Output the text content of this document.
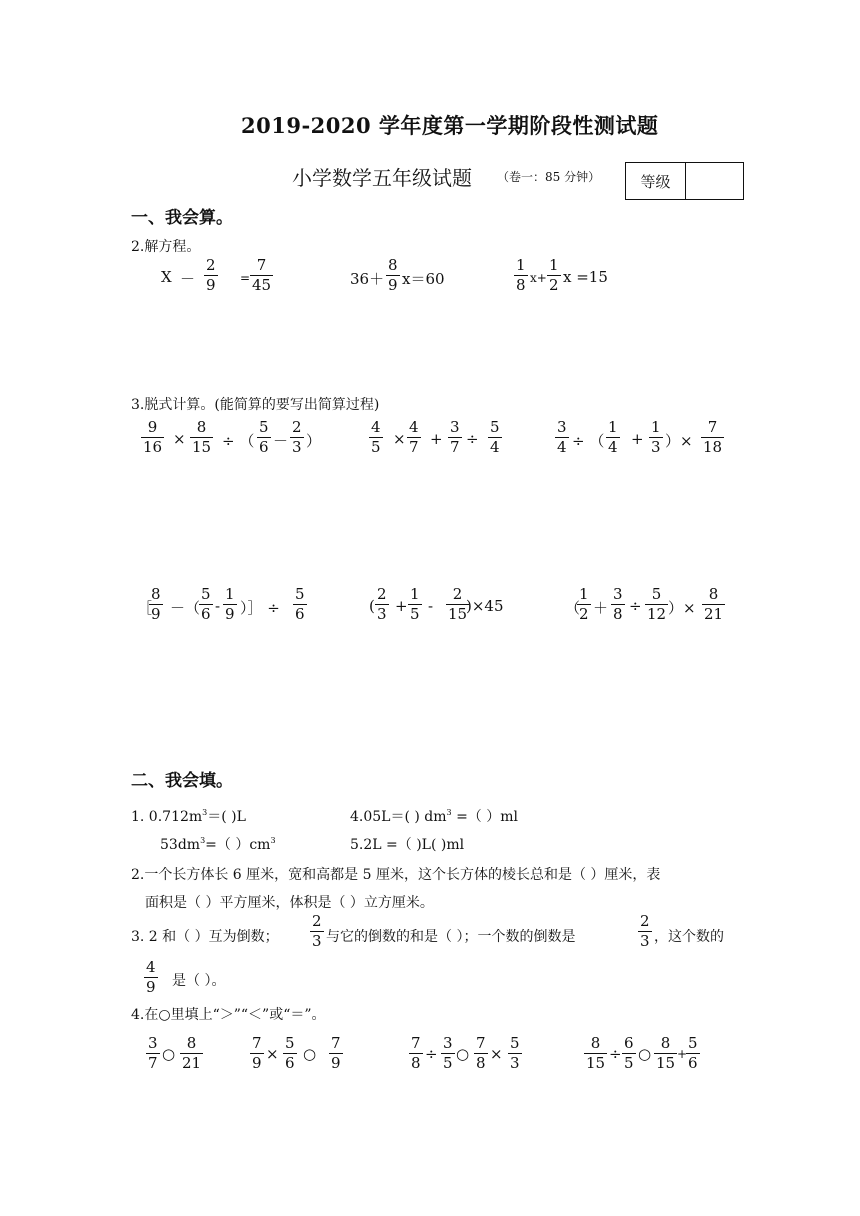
2019-2020 学年度第一学期阶段性测试题
小学数学五年级试题 （卷一：85 分钟）	等级
一、我会算。
2.解方程。
$X - \frac{2}{9} = \frac{7}{45}$	$36+ \frac{8}{9} x=60$	$\frac{1}{8} x+ \frac{1}{2}$ x =15
3.脱式计算。(能简算的要写出简算过程)
$\frac{9}{16} \times \frac{8}{15}$ ÷ （ $\frac{5}{6} - \frac{2}{3}$ ）	$\frac{4}{5} \times \frac{4}{7} + \frac{3}{7} \div \frac{5}{4}$	$\frac{3}{4}$ ÷ （ $\frac{1}{4} + \frac{1}{3}$ ）× $\frac{7}{18}$
［
$\frac{8}{9}$ －（
$\frac{5}{6} - \frac{1}{9}$ ）］ ÷ $\frac{5}{6}$	( $\frac{2}{3} + \frac{1}{5} - \frac{2}{15}$
)×45	（
$\frac{1}{2} + \frac{3}{8} \div \frac{5}{12}$ ）× $\frac{8}{21}$
二、我会填。
1. $0.712m^3=$( )L	4.05L＝( ) $dm^3$ =（ ）ml
$53dm^3=$（ ）$cm^3$	5.2L =（ )L( )ml
2.一个长方体长 6 厘米，宽和高都是 5 厘米，这个长方体的棱长总和是（ ）厘米，表
面积是（ ）平方厘米，体积是（ ）立方厘米。
3. 2 和（ ）互为倒数； $\frac{2}{3}$ 与它的倒数的和是（ ）；一个数的倒数是	$\frac{2}{3}$ ，这个数的
$\frac{4}{9}$ 是（ ）。
4.在○里填上“＞”“＜”或“＝”。
$\frac{3}{7}$ ○ $\frac{8}{21}$	$\frac{7}{9} \times \frac{5}{6}$ ○ $\frac{7}{9}$	$\frac{7}{8} \div \frac{3}{5}$ ○ $\frac{7}{8} \times \frac{5}{3}$	$\frac{8}{15} \div \frac{6}{5}$ ○ $\frac{8}{15}$ +
$\frac{5}{6}$
